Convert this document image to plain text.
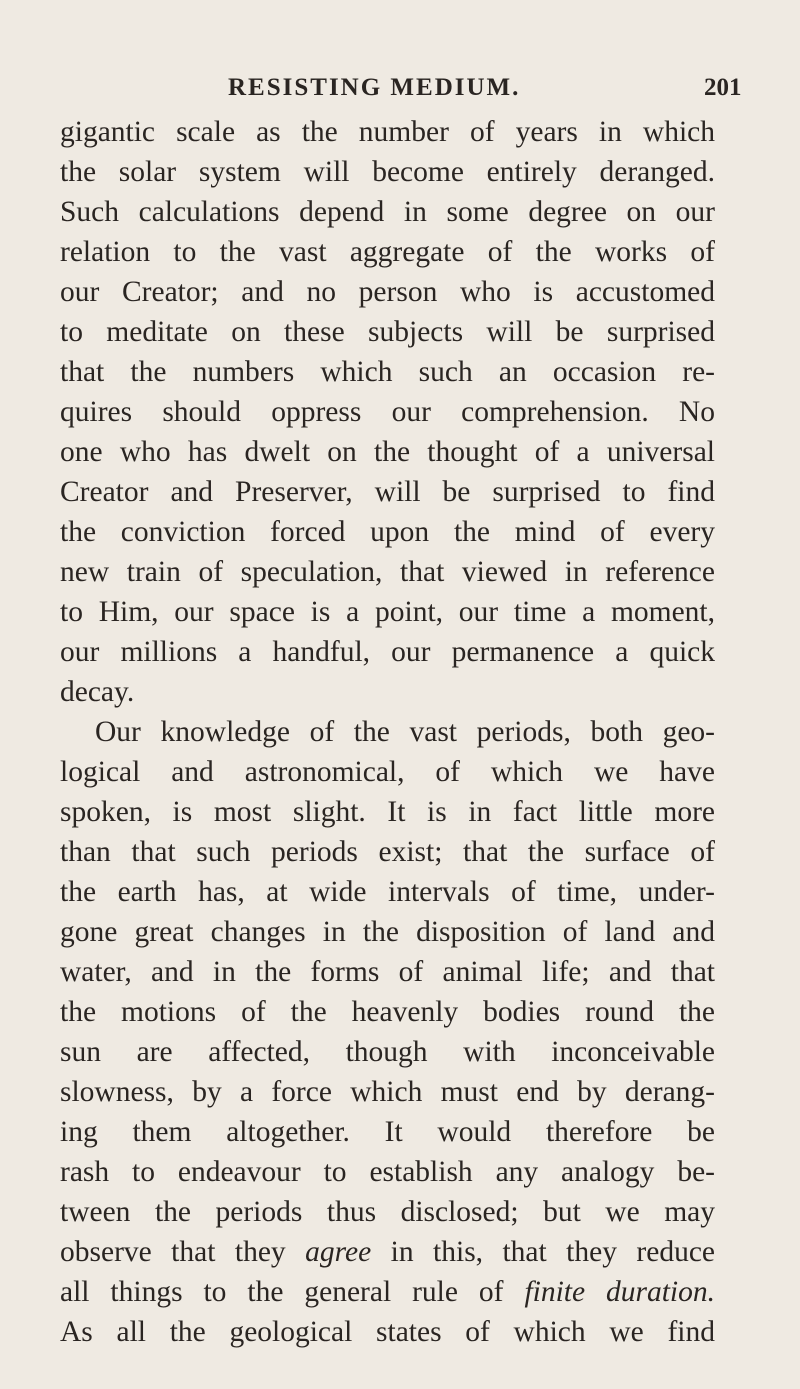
RESISTING MEDIUM.	201
gigantic scale as the number of years in which
the solar system will become entirely deranged.
Such calculations depend in some degree on our
relation to the vast aggregate of the works of
our Creator; and no person who is accustomed
to meditate on these subjects will be surprised
that the numbers which such an occasion re-
quires should oppress our comprehension. No
one who has dwelt on the thought of a universal
Creator and Preserver, will be surprised to find
the conviction forced upon the mind of every
new train of speculation, that viewed in reference
to Him, our space is a point, our time a moment,
our millions a handful, our permanence a quick
decay.
Our knowledge of the vast periods, both geo-
logical and astronomical, of which we have
spoken, is most slight. It is in fact little more
than that such periods exist; that the surface of
the earth has, at wide intervals of time, under-
gone great changes in the disposition of land and
water, and in the forms of animal life; and that
the motions of the heavenly bodies round the
sun are affected, though with inconceivable
slowness, by a force which must end by derang-
ing them altogether. It would therefore be
rash to endeavour to establish any analogy be-
tween the periods thus disclosed; but we may
observe that they agree in this, that they reduce
all things to the general rule of finite duration.
As all the geological states of which we find
